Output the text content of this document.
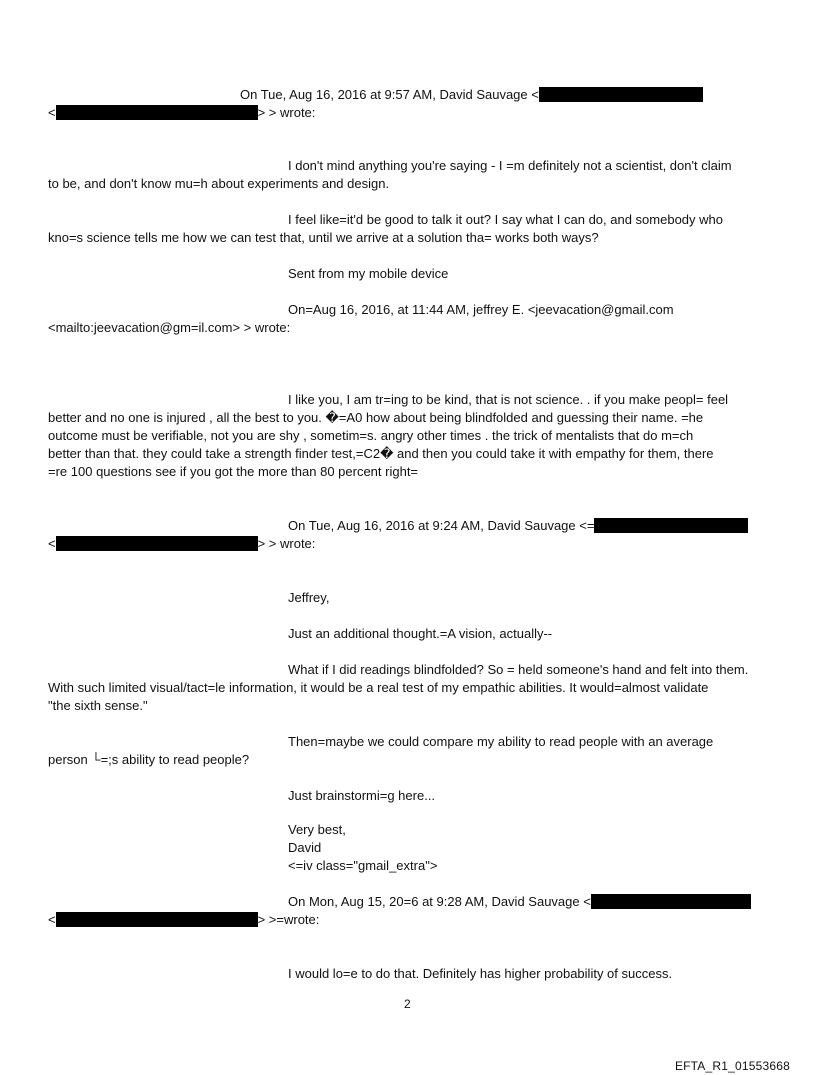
On Tue, Aug 16, 2016 at 9:57 AM, David Sauvage <
<	> > wrote:
I don't mind anything you're saying - I =m definitely not a scientist, don't claim
to be, and don't know mu=h about experiments and design.
I feel like=it'd be good to talk it out? I say what I can do, and somebody who
kno=s science tells me how we can test that, until we arrive at a solution tha= works both ways?
Sent from my mobile device
On=Aug 16, 2016, at 11:44 AM, jeffrey E. <jeevacation@gmail.com
<mailto:jeevacation@gm=il.com> > wrote:
I like you, I am tr=ing to be kind, that is not science. . if you make peopl= feel
better and no one is injured , all the best to you. �=A0 how about being blindfolded and guessing their name. =he
outcome must be verifiable, not you are shy , sometim=s. angry other times . the trick of mentalists that do m=ch
better than that. they could take a strength finder test,=C2� and then you could take it with empathy for them, there
=re 100 questions see if you got the more than 80 percent right=
On Tue, Aug 16, 2016 at 9:24 AM, David Sauvage <=
<	> > wrote:
Jeffrey,
Just an additional thought.=A vision, actually--
What if I did readings blindfolded? So = held someone's hand and felt into them.
With such limited visual/tact=le information, it would be a real test of my empathic abilities. It would=almost validate
"the sixth sense."
Then=maybe we could compare my ability to read people with an average
person └=;s ability to read people?
Just brainstormi=g here...
Very best,
David
<=iv class="gmail_extra">
On Mon, Aug 15, 20=6 at 9:28 AM, David Sauvage <
<	> >=wrote:
I would lo=e to do that. Definitely has higher probability of success.
2
EFTA_R1_01553668
